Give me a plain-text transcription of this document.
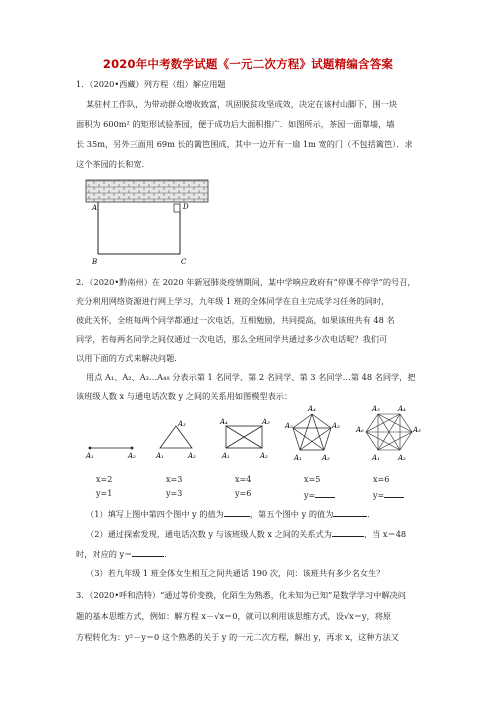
2020年中考数学试题《一元二次方程》试题精编含答案
1．（2020•西藏）列方程（组）解应用题
某驻村工作队，为带动群众增收致富，巩固脱贫攻坚成效，决定在该村山脚下，围一块
面积为 600m² 的矩形试验茶园，便于成功后大面积推广．如图所示，茶园一面靠墙，墙
长 35m，另外三面用 69m 长的篱笆围成，其中一边开有一扇 1m 宽的门（不包括篱笆）．求
这个茶园的长和宽．
A
B	C
D
2．（2020•黔南州）在 2020 年新冠肺炎疫情期间，某中学响应政府有“停课不停学”的号召，
充分利用网络资源进行网上学习，九年级 1 班的全体同学在自主完成学习任务的同时，
彼此关怀，全班每两个同学都通过一次电话，互相勉励，共同提高，如果该班共有 48 名
同学，若每两名同学之间仅通过一次电话，那么全班同学共通过多少次电话呢？我们可
以用下面的方式来解决问题．
用点 A₁、A₂、A₃…A₄₈ 分表示第 1 名同学、第 2 名同学、第 3 名同学…第 48 名同学，把
该班级人数 x 与通电话次数 y 之间的关系用如图模型表示：
A₁	A₂	A₁	A₂
A₃	A₄	A₃
A₁	A₂
A₄
A₅	A₃
A₁	A₂
A₅	A₄
A₆	A₃
A₁	A₂
x=2
y=1
x=3
y=3
x=4
y=6
x=5
y=
x=6
y=
（1）填写上图中第四个图中 y 的值为	，第五个图中 y 的值为	．
（2）通过探索发现，通电话次数 y 与该班级人数 x 之间的关系式为	，当 x＝48
时，对应的 y＝	．
（3）若九年级 1 班全体女生相互之间共通话 190 次，问：该班共有多少名女生？
3．（2020•呼和浩特）“通过等价变换，化陌生为熟悉，化未知为已知”是数学学习中解决问
题的基本思维方式，例如：解方程 x－√x＝0，就可以利用该思维方式，设√x＝y，将原
方程转化为：y²－y＝0 这个熟悉的关于 y 的一元二次方程，解出 y，再求 x，这种方法又
